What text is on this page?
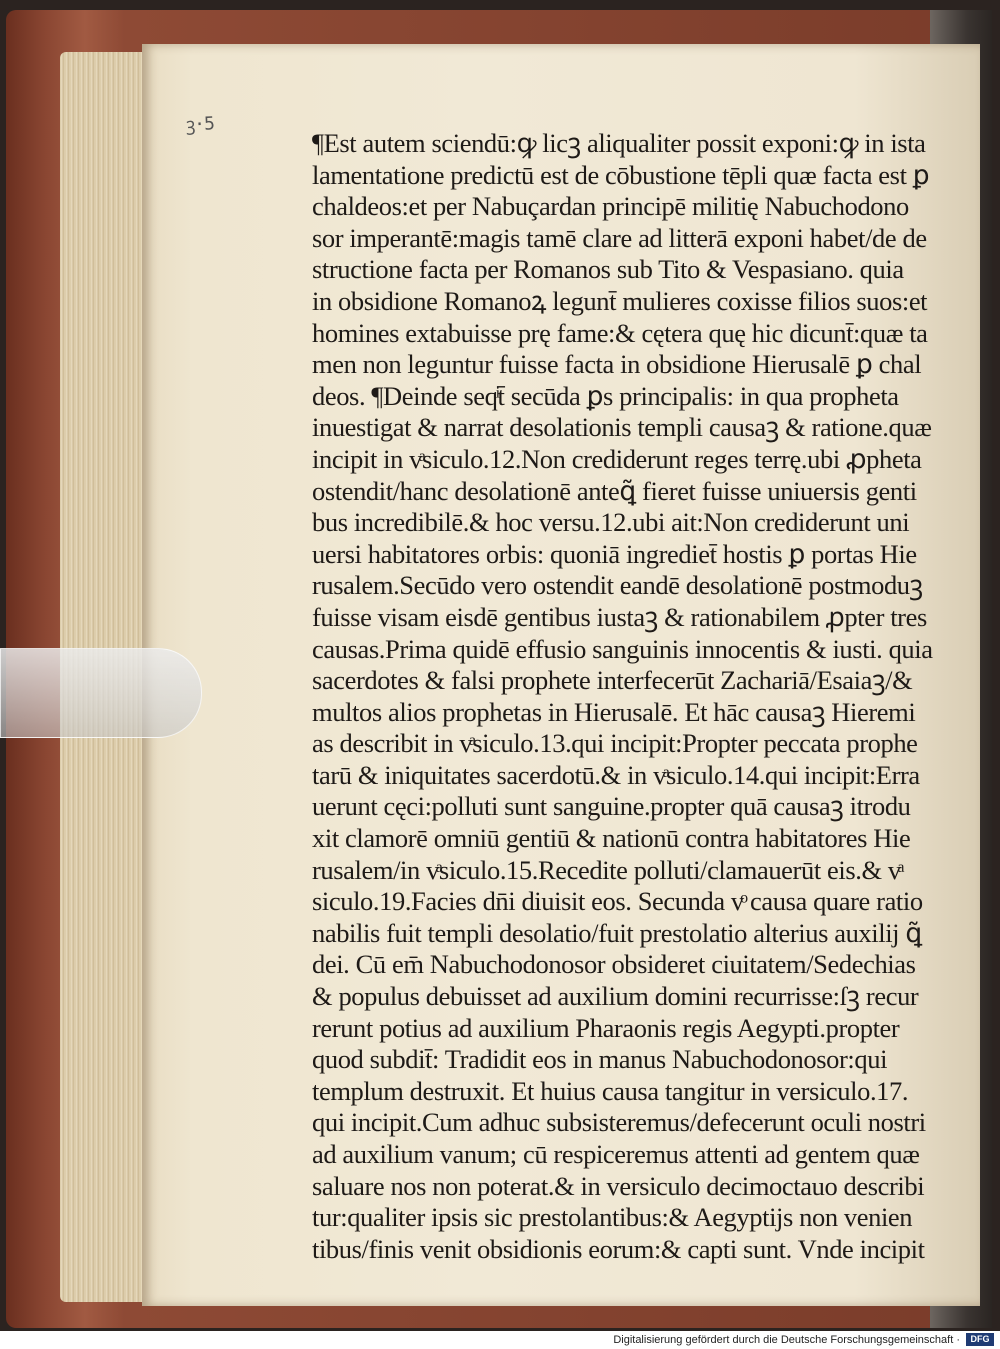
ꝫ·5
¶Est autem sciendū:ꝙ licꝫ aliqualiter possit exponi:ꝙ in ista
lamentatione predictū est de cōbustione tēpli quæ facta est ꝑ
chaldeos:et per Nabuçardan principē militię Nabuchodono
sor imperantē:magis tamē clare ad litterā exponi habet/de de
structione facta per Romanos sub Tito & Vespasiano. quia
in obsidione Romanoꝝ legunt̄ mulieres coxisse filios suos:et
homines extabuisse prę fame:& cętera quę hic dicunt̄:quæ ta
men non leguntur fuisse facta in obsidione Hierusalē ꝑ chal
deos. ¶Deinde seqͥt̄ secūda ꝑs principalis: in qua propheta
inuestigat & narrat desolationis templi causaꝫ & ratione.quæ
incipit in vͣsiculo.12.Non crediderunt reges terrę.ubi ꝓpheta
ostendit/hanc desolationē anteꝗ̃ fieret fuisse uniuersis genti
bus incredibilē.& hoc versu.12.ubi ait:Non crediderunt uni
uersi habitatores orbis: quoniā ingrediet̄ hostis ꝑ portas Hie
rusalem.Secūdo vero ostendit eandē desolationē postmoduꝫ
fuisse visam eisdē gentibus iustaꝫ & rationabilem ꝓpter tres
causas.Prima quidē effusio sanguinis innocentis & iusti. quia
sacerdotes & falsi prophete interfecerūt Zachariā/Esaiaꝫ/&
multos alios prophetas in Hierusalē. Et hāc causaꝫ Hieremi
as describit in vͣsiculo.13.qui incipit:Propter peccata prophe
tarū & iniquitates sacerdotū.& in vͣsiculo.14.qui incipit:Erra
uerunt cęci:polluti sunt sanguine.propter quā causaꝫ itrodu
xit clamorē omniū gentiū & nationū contra habitatores Hie
rusalem/in vͣsiculo.15.Recedite polluti/clamauerūt eis.& vͣ
siculo.19.Facies dn̄i diuisit eos. Secunda vͦ causa quare ratio
nabilis fuit templi desolatio/fuit prestolatio alterius auxilij ꝗ̃
dei. Cū em̄ Nabuchodonosor obsideret ciuitatem/Sedechias
& populus debuisset ad auxilium domini recurrisse:ſꝫ recur
rerunt potius ad auxilium Pharaonis regis Aegypti.propter
quod subdit̄: Tradidit eos in manus Nabuchodonosor:qui
templum destruxit. Et huius causa tangitur in versiculo.17.
qui incipit.Cum adhuc subsisteremus/defecerunt oculi nostri
ad auxilium vanum; cū respiceremus attenti ad gentem quæ
saluare nos non poterat.& in versiculo decimoctauo describi
tur:qualiter ipsis sic prestolantibus:& Aegyptijs non venien
tibus/finis venit obsidionis eorum:& capti sunt. Vnde incipit
Digitalisierung gefördert durch die Deutsche Forschungsgemeinschaft ·	DFG
